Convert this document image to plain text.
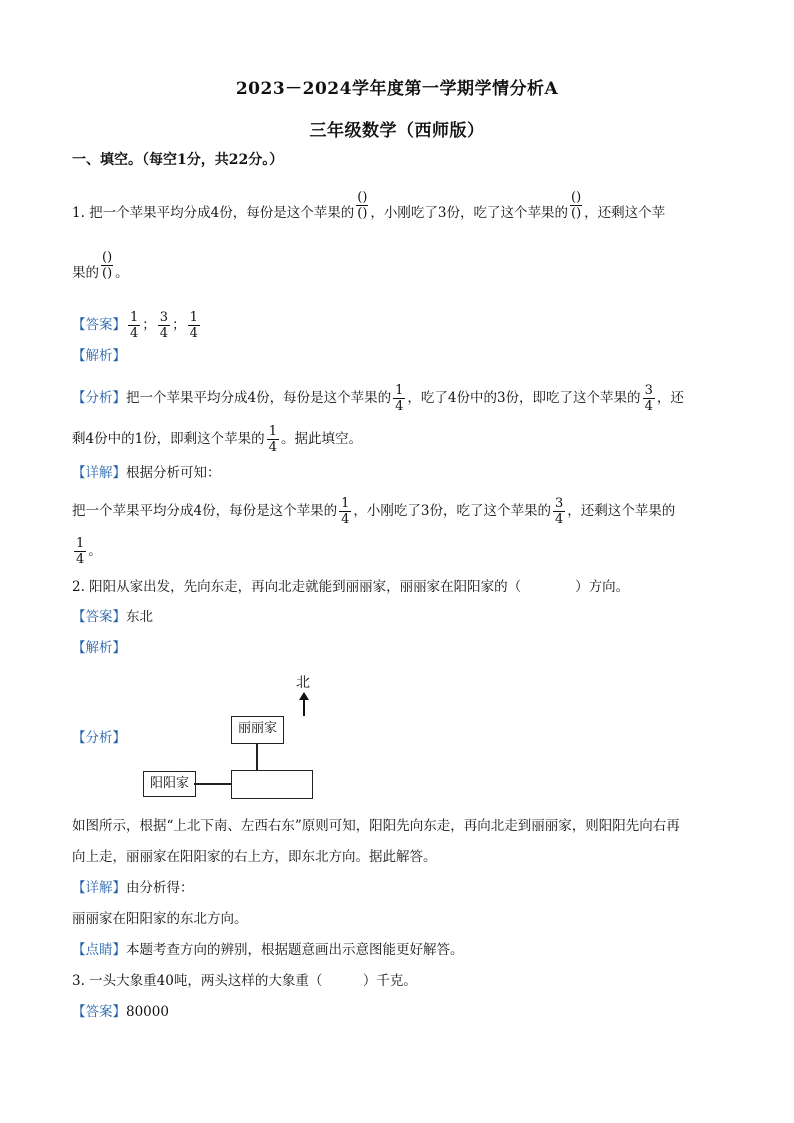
2023－2024学年度第一学期学情分析A
三年级数学（西师版）
一、填空。（每空1分，共22分。）
1. 把一个苹果平均分成4份，每份是这个苹果的 $\frac{()}{()}$ ，小刚吃了3份，吃了这个苹果的 $\frac{()}{()}$ ，还剩这个苹
果的 $\frac{()}{()}$ 。
【答案】 $\frac{1}{4}$ ； $\frac{3}{4}$ ； $\frac{1}{4}$
【解析】
【分析】把一个苹果平均分成4份，每份是这个苹果的 $\frac{1}{4}$ ，吃了4份中的3份，即吃了这个苹果的 $\frac{3}{4}$ ，还
剩4份中的1份，即剩这个苹果的 $\frac{1}{4}$ 。据此填空。
【详解】根据分析可知：
把一个苹果平均分成4份，每份是这个苹果的 $\frac{1}{4}$ ，小刚吃了3份，吃了这个苹果的 $\frac{3}{4}$ ，还剩这个苹果的
$\frac{1}{4}$ 。
2. 阳阳从家出发，先向东走，再向北走就能到丽丽家，丽丽家在阳阳家的（　　　　）方向。
【答案】东北
【解析】
【分析】
北
丽丽家
阳阳家
如图所示，根据“上北下南、左西右东”原则可知，阳阳先向东走，再向北走到丽丽家，则阳阳先向右再
向上走，丽丽家在阳阳家的右上方，即东北方向。据此解答。
【详解】由分析得：
丽丽家在阳阳家的东北方向。
【点睛】本题考查方向的辨别，根据题意画出示意图能更好解答。
3. 一头大象重40吨，两头这样的大象重（　　　）千克。
【答案】80000
